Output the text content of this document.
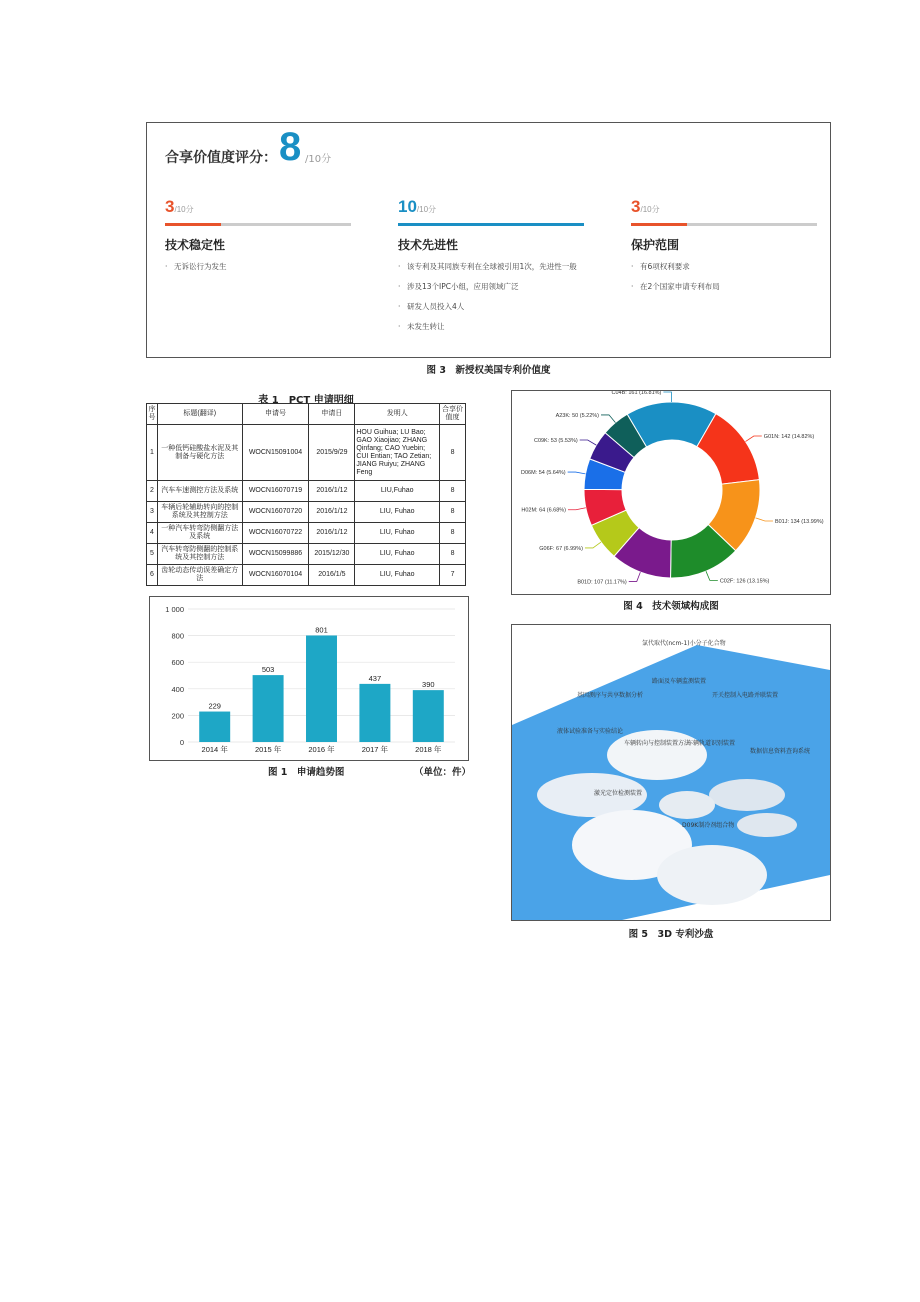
合享价值度评分： 8 /10分
3/10分
技术稳定性
· 无诉讼行为发生
10/10分
技术先进性
· 该专利及其同族专利在全球被引用1次，先进性一般
· 涉及13个IPC小组，应用领域广泛
· 研发人员投入4人
· 未发生转让
3/10分
保护范围
· 有6项权利要求
· 在2个国家申请专利布局
图 3　新授权美国专利价值度
表 1　PCT 申请明细
序号	标题(翻译)	申请号	申请日	发明人	合享价值度
1	一种低钙硅酸盐水泥及其制备与硬化方法	WOCN15091004	2015/9/29	HOU Guihua; LU Bao; GAO Xiaojiao; ZHANG Qinfang; CAO Yuebin; CUI Entian; TAO Zetian; JIANG Ruiyu; ZHANG Feng	8
2	汽车车速测控方法及系统	WOCN16070719	2016/1/12	LIU,Fuhao	8
3	车辆后轮辅助转向的控制系统及其控制方法	WOCN16070720	2016/1/12	LIU, Fuhao	8
4	一种汽车转弯防侧翻方法及系统	WOCN16070722	2016/1/12	LIU, Fuhao	8
5	汽车转弯防侧翻的控制系统及其控制方法	WOCN15099886	2015/12/30	LIU, Fuhao	8
6	齿轮动态传动误差确定方法	WOCN16070104	2016/1/5	LIU, Fuhao	7
0
200
400
600
800
1 000
229
2014 年
503
2015 年
801
2016 年
437
2017 年
390
2018 年
图 1　申请趋势图	（单位：件）
C04B: 161 (16.81%)
G01N: 142 (14.82%)
B01J: 134 (13.99%)
C02F: 126 (13.15%)
B01D: 107 (11.17%)
G06F: 67 (6.99%)
H02M: 64 (6.68%)
D06M: 54 (5.64%)
C09K: 53 (5.53%)
A23K: 50 (5.22%)
图 4　技术领域构成图
氯代取代(ncm-1)小分子化合物
路面及车辆监测装置
基因测序与共享数据分析	开关控制入电路并联装置
液体试验准备与实验结论
车辆转向与控制装置方法
车辆轨道识别装置
数据信息资料查询系统
激光定位检测装置
D09K制冷剂组合物
图 5　3D 专利沙盘
